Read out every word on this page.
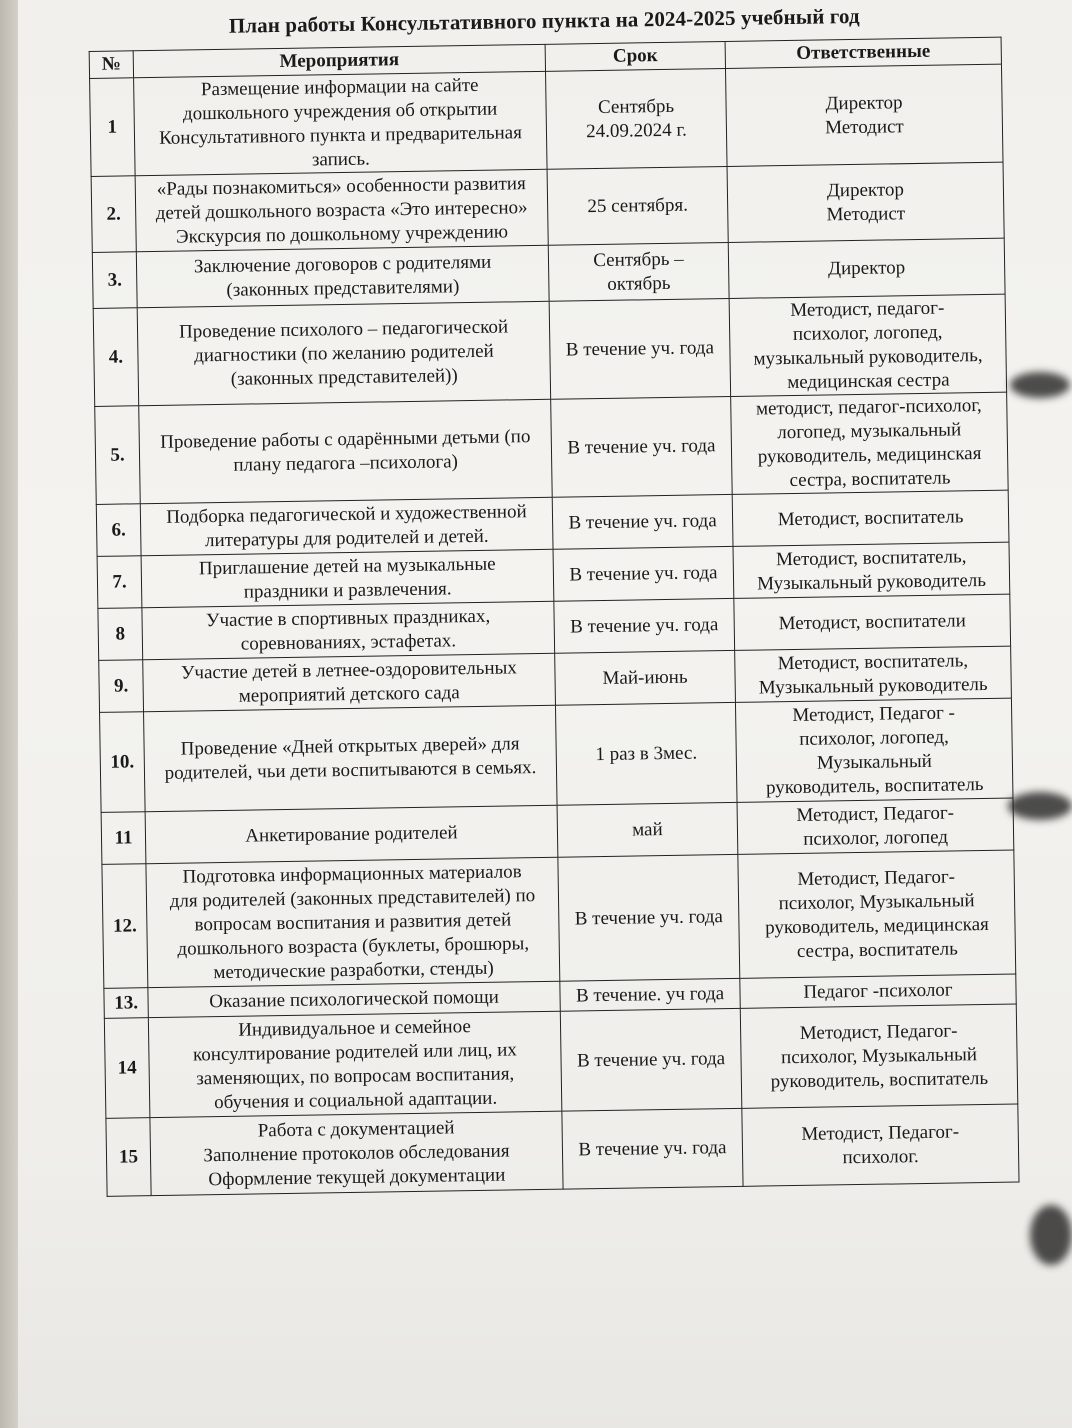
План работы Консультативного пункта на 2024-2025 учебный год
№	Мероприятия	Срок	Ответственные
1	Размещение информации на сайте
дошкольного учреждения об открытии
Консультативного пункта и предварительная
запись.	Сентябрь
24.09.2024 г.	Директор
Методист
2.	«Рады познакомиться» особенности развития
детей дошкольного возраста «Это интересно»
Экскурсия по дошкольному учреждению	25 сентября.	Директор
Методист
3.	Заключение договоров с родителями
(законных представителями)	Сентябрь –
октябрь	Директор
4.	Проведение психолого – педагогической
диагностики (по желанию родителей
(законных представителей))	В течение уч. года	Методист, педагог-
психолог, логопед,
музыкальный руководитель,
медицинская сестра
5.	Проведение работы с одарёнными детьми (по
плану педагога –психолога)	В течение уч. года	методист, педагог-психолог,
логопед, музыкальный
руководитель, медицинская
сестра, воспитатель
6.	Подборка педагогической и художественной
литературы для родителей и детей.	В течение уч. года	Методист, воспитатель
7.	Приглашение детей на музыкальные
праздники и развлечения.	В течение уч. года	Методист, воспитатель,
Музыкальный руководитель
8	Участие в спортивных праздниках,
соревнованиях, эстафетах.	В течение уч. года	Методист, воспитатели
9.	Участие детей в летнее-оздоровительных
мероприятий детского сада	Май-июнь	Методист, воспитатель,
Музыкальный руководитель
10.	Проведение «Дней открытых дверей» для
родителей, чьи дети воспитываются в семьях.	1 раз в 3мес.	Методист, Педагог -
психолог, логопед,
Музыкальный
руководитель, воспитатель
11	Анкетирование родителей	май	Методист, Педагог-
психолог, логопед
12.	Подготовка информационных материалов
для родителей (законных представителей) по
вопросам воспитания и развития детей
дошкольного возраста (буклеты, брошюры,
методические разработки, стенды)	В течение уч. года	Методист, Педагог-
психолог, Музыкальный
руководитель, медицинская
сестра, воспитатель
13.	Оказание психологической помощи	В течение. уч года	Педагог -психолог
14	Индивидуальное и семейное
консултирование родителей или лиц, их
заменяющих, по вопросам воспитания,
обучения и социальной адаптации.	В течение уч. года	Методист, Педагог-
психолог, Музыкальный
руководитель, воспитатель
15	Работа с документацией
Заполнение протоколов обследования
Оформление текущей документации	В течение уч. года	Методист, Педагог-
психолог.
